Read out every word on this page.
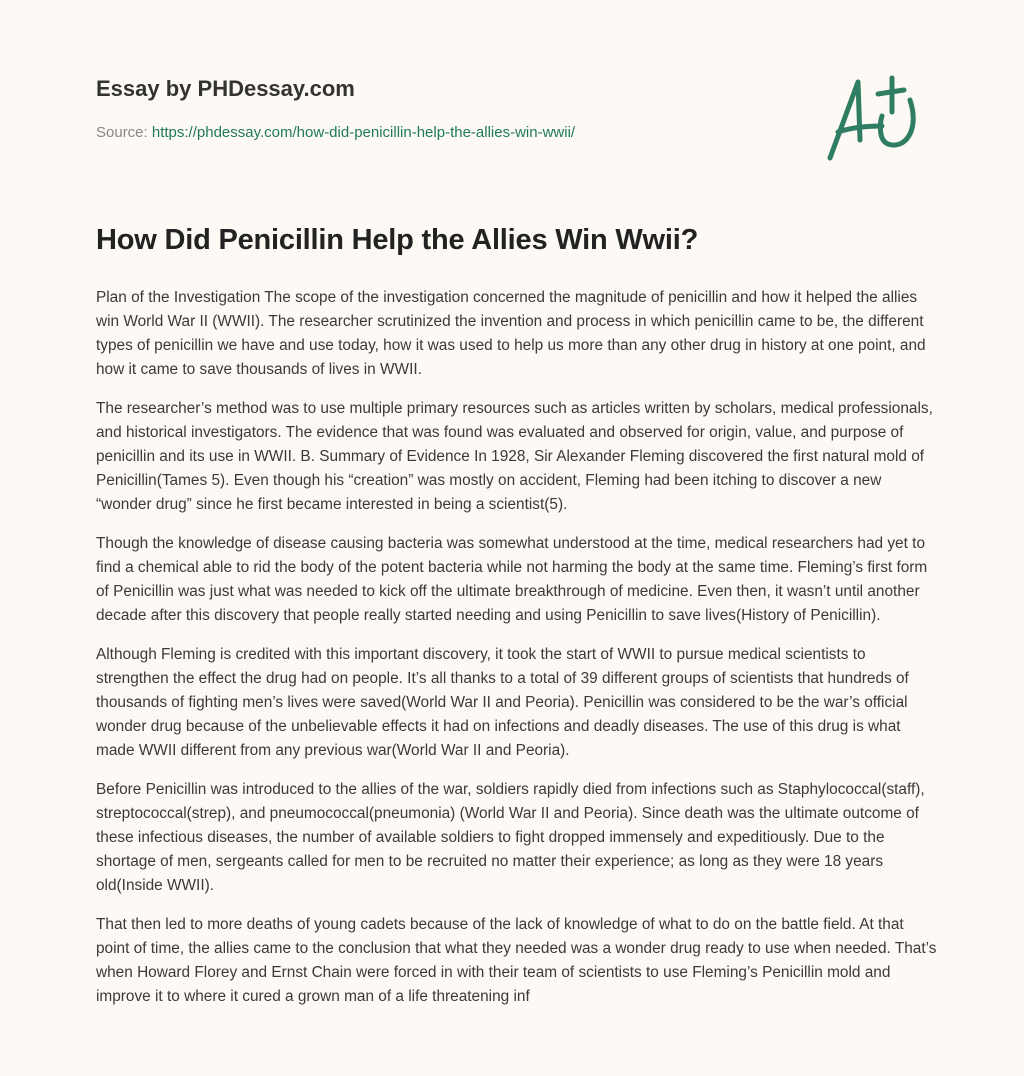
Essay by PHDessay.com
Source: https://phdessay.com/how-did-penicillin-help-the-allies-win-wwii/
How Did Penicillin Help the Allies Win Wwii?

Plan of the Investigation The scope of the investigation concerned the magnitude of penicillin and how it helped the allies win World War II (WWII). The researcher scrutinized the invention and process in which penicillin came to be, the different types of penicillin we have and use today, how it was used to help us more than any other drug in history at one point, and how it came to save thousands of lives in WWII.

The researcher’s method was to use multiple primary resources such as articles written by scholars, medical professionals, and historical investigators. The evidence that was found was evaluated and observed for origin, value, and purpose of penicillin and its use in WWII. B. Summary of Evidence In 1928, Sir Alexander Fleming discovered the first natural mold of Penicillin(Tames 5). Even though his “creation” was mostly on accident, Fleming had been itching to discover a new “wonder drug” since he first became interested in being a scientist(5).

Though the knowledge of disease causing bacteria was somewhat understood at the time, medical researchers had yet to find a chemical able to rid the body of the potent bacteria while not harming the body at the same time. Fleming’s first form of Penicillin was just what was needed to kick off the ultimate breakthrough of medicine. Even then, it wasn’t until another decade after this discovery that people really started needing and using Penicillin to save lives(History of Penicillin).

Although Fleming is credited with this important discovery, it took the start of WWII to pursue medical scientists to strengthen the effect the drug had on people. It’s all thanks to a total of 39 different groups of scientists that hundreds of thousands of fighting men’s lives were saved(World War II and Peoria). Penicillin was considered to be the war’s official wonder drug because of the unbelievable effects it had on infections and deadly diseases. The use of this drug is what made WWII different from any previous war(World War II and Peoria).

Before Penicillin was introduced to the allies of the war, soldiers rapidly died from infections such as Staphylococcal(staff), streptococcal(strep), and pneumococcal(pneumonia) (World War II and Peoria). Since death was the ultimate outcome of these infectious diseases, the number of available soldiers to fight dropped immensely and expeditiously. Due to the shortage of men, sergeants called for men to be recruited no matter their experience; as long as they were 18 years old(Inside WWII).

That then led to more deaths of young cadets because of the lack of knowledge of what to do on the battle field. At that point of time, the allies came to the conclusion that what they needed was a wonder drug ready to use when needed. That’s when Howard Florey and Ernst Chain were forced in with their team of scientists to use Fleming’s Penicillin mold and improve it to where it cured a grown man of a life threatening inf
